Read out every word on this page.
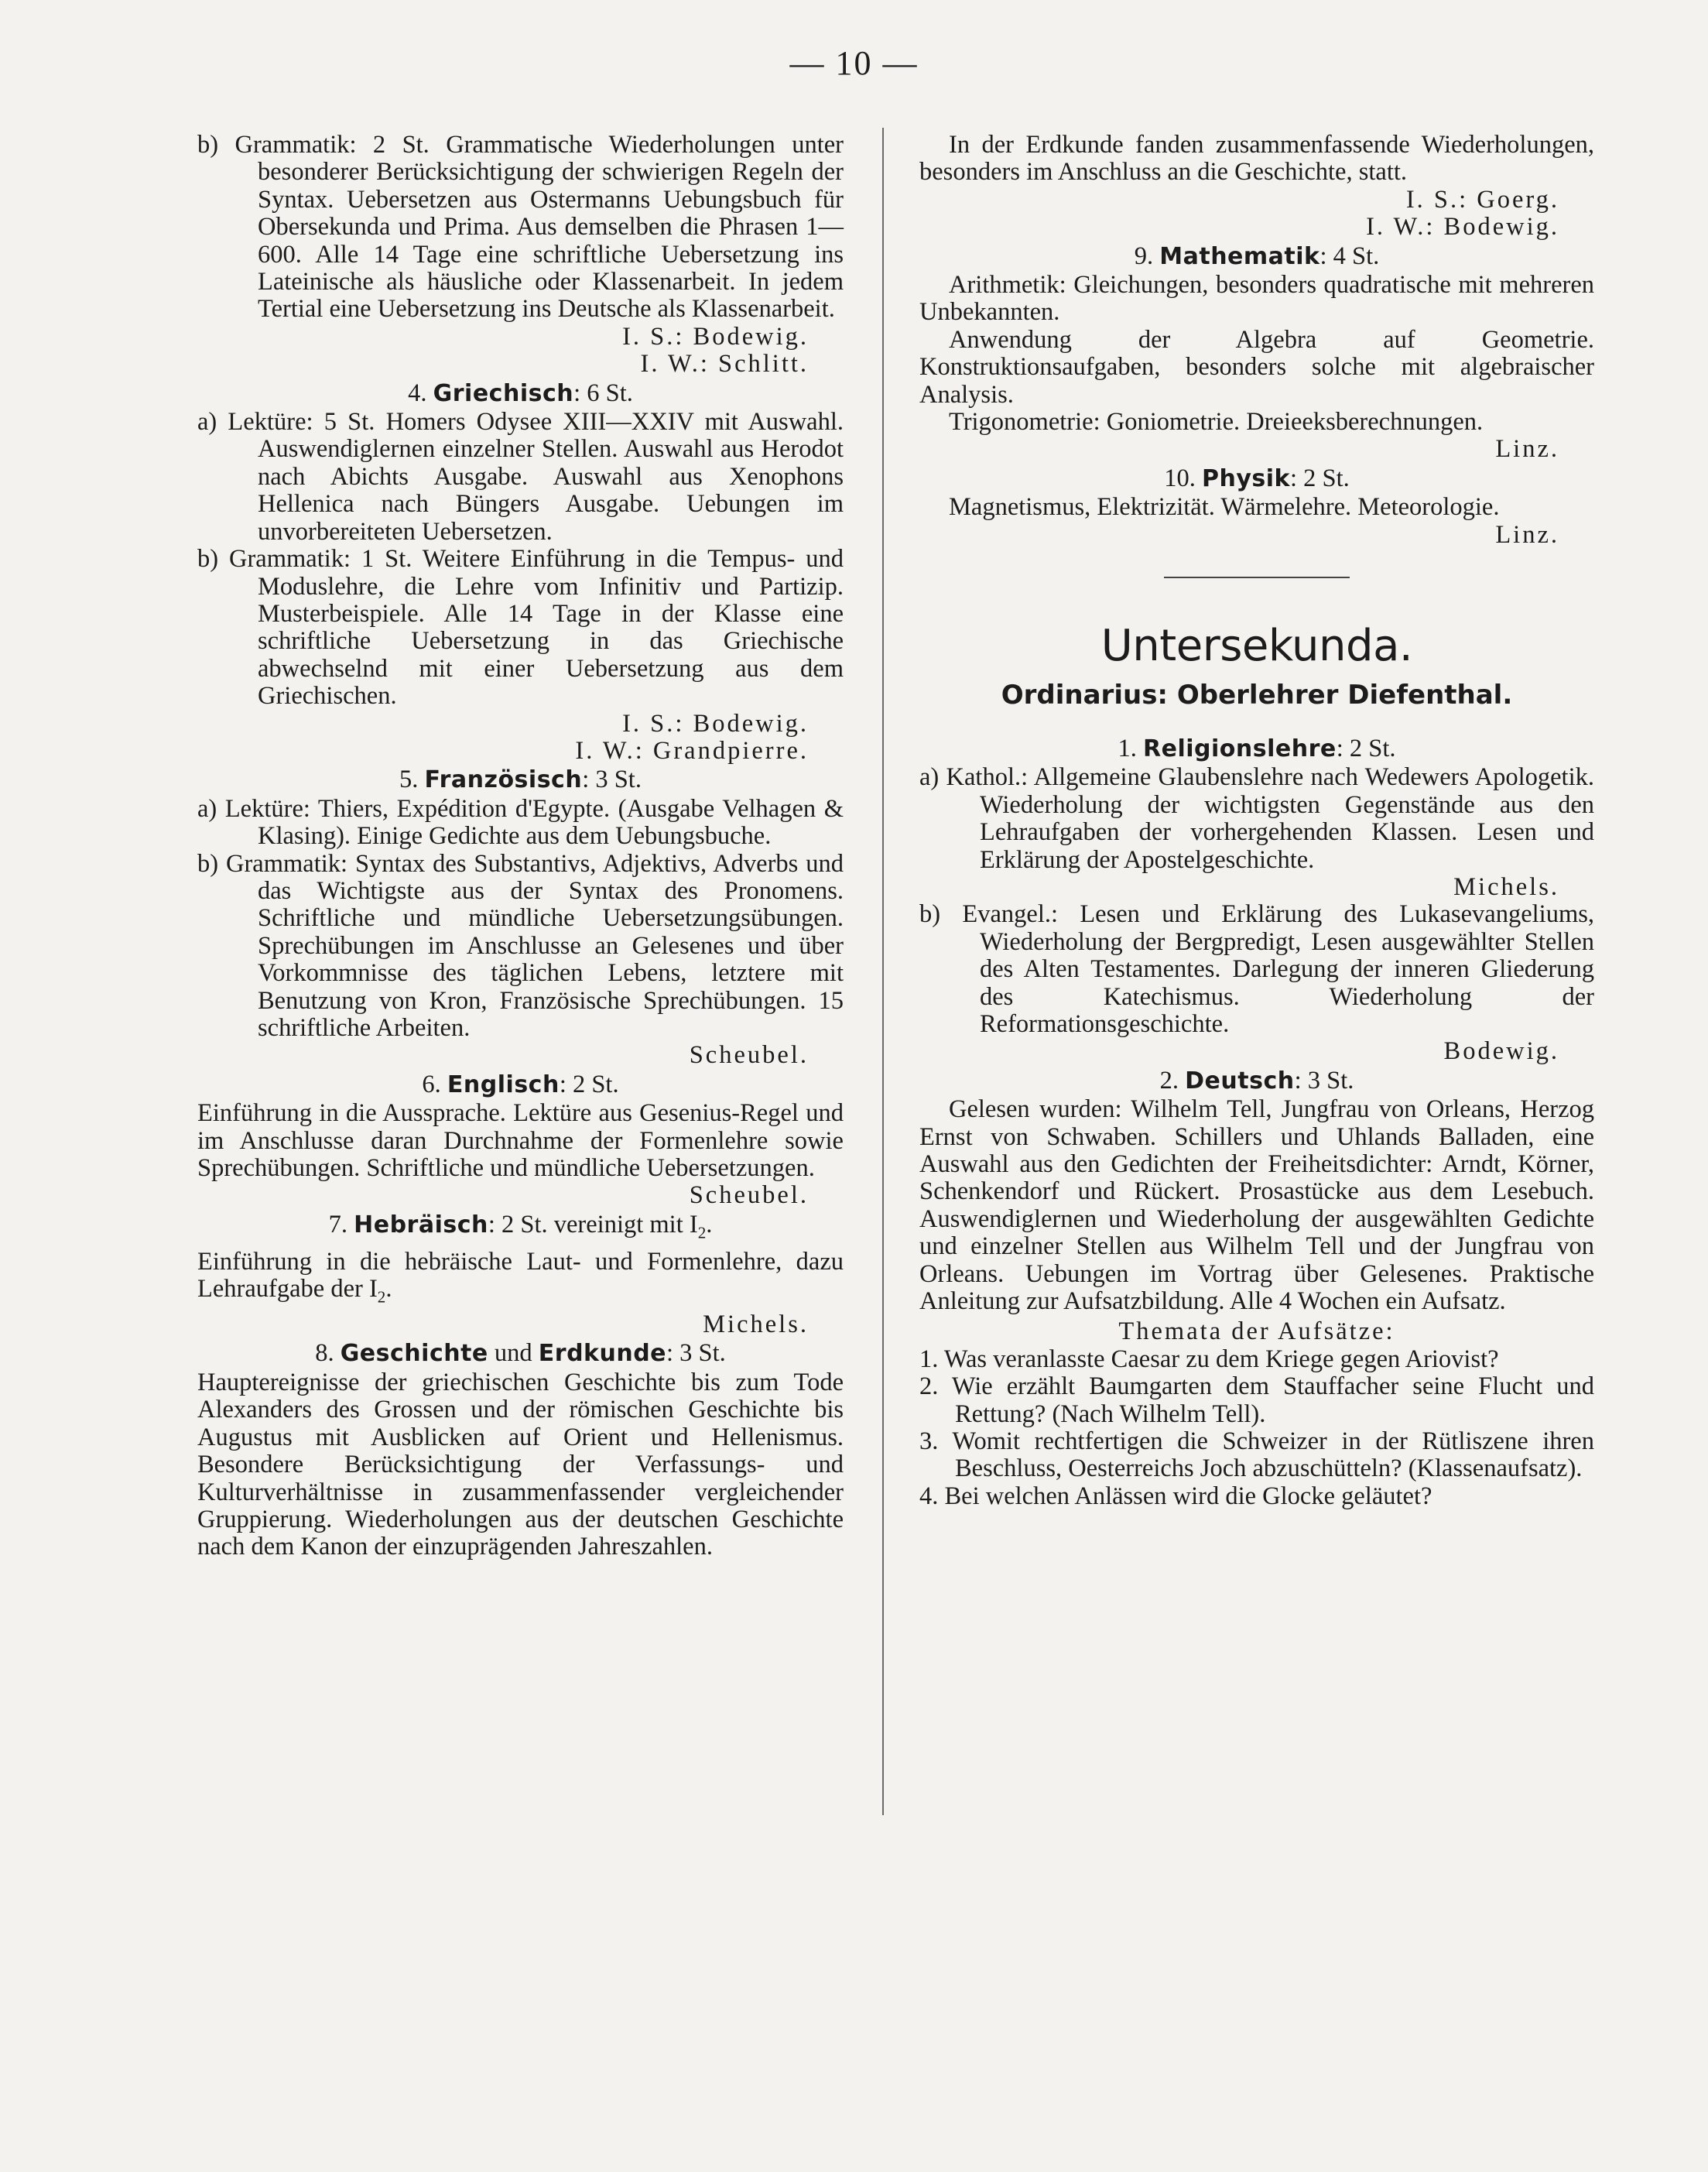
— 10 —

b) Grammatik: 2 St. Grammatische Wiederholungen unter besonderer Berücksichtigung der schwierigen Regeln der Syntax. Uebersetzen aus Ostermanns Uebungsbuch für Obersekunda und Prima. Aus demselben die Phrasen 1—600. Alle 14 Tage eine schriftliche Uebersetzung ins Lateinische als häusliche oder Klassenarbeit. In jedem Tertial eine Uebersetzung ins Deutsche als Klassenarbeit.

I. S.: Bodewig.
I. W.: Schlitt.
4. Griechisch: 6 St.

a) Lektüre: 5 St. Homers Odysee XIII—XXIV mit Auswahl. Auswendiglernen einzelner Stellen. Auswahl aus Herodot nach Abichts Ausgabe. Auswahl aus Xenophons Hellenica nach Büngers Ausgabe. Uebungen im unvorbereiteten Uebersetzen.

b) Grammatik: 1 St. Weitere Einführung in die Tempus- und Moduslehre, die Lehre vom Infinitiv und Partizip. Musterbeispiele. Alle 14 Tage in der Klasse eine schriftliche Uebersetzung in das Griechische abwechselnd mit einer Uebersetzung aus dem Griechischen.

I. S.: Bodewig.
I. W.: Grandpierre.
5. Französisch: 3 St.

a) Lektüre: Thiers, Expédition d'Egypte. (Ausgabe Velhagen & Klasing). Einige Gedichte aus dem Uebungsbuche.

b) Grammatik: Syntax des Substantivs, Adjektivs, Adverbs und das Wichtigste aus der Syntax des Pronomens. Schriftliche und mündliche Uebersetzungsübungen. Sprechübungen im Anschlusse an Gelesenes und über Vorkommnisse des täglichen Lebens, letztere mit Benutzung von Kron, Französische Sprechübungen. 15 schriftliche Arbeiten.

Scheubel.
6. Englisch: 2 St.

Einführung in die Aussprache. Lektüre aus Gesenius-Regel und im Anschlusse daran Durchnahme der Formenlehre sowie Sprechübungen. Schriftliche und mündliche Uebersetzungen.

Scheubel.
7. Hebräisch: 2 St. vereinigt mit $I_2$.

Einführung in die hebräische Laut- und Formenlehre, dazu Lehraufgabe der $I_2$.

Michels.
8. Geschichte und Erdkunde: 3 St.

Hauptereignisse der griechischen Geschichte bis zum Tode Alexanders des Grossen und der römischen Geschichte bis Augustus mit Ausblicken auf Orient und Hellenismus. Besondere Berücksichtigung der Verfassungs- und Kulturverhältnisse in zusammenfassender vergleichender Gruppierung. Wiederholungen aus der deutschen Geschichte nach dem Kanon der einzuprägenden Jahreszahlen.

In der Erdkunde fanden zusammenfassende Wiederholungen, besonders im Anschluss an die Geschichte, statt.

I. S.: Goerg.
I. W.: Bodewig.
9. Mathematik: 4 St.

Arithmetik: Gleichungen, besonders quadratische mit mehreren Unbekannten.

Anwendung der Algebra auf Geometrie. Konstruktionsaufgaben, besonders solche mit algebraischer Analysis.

Trigonometrie: Goniometrie. Dreieeksberechnungen.

Linz.
10. Physik: 2 St.

Magnetismus, Elektrizität. Wärmelehre. Meteorologie.

Linz.
Untersekunda.
Ordinarius: Oberlehrer Diefenthal.
1. Religionslehre: 2 St.

a) Kathol.: Allgemeine Glaubenslehre nach Wedewers Apologetik. Wiederholung der wichtigsten Gegenstände aus den Lehraufgaben der vorhergehenden Klassen. Lesen und Erklärung der Apostelgeschichte.

Michels.

b) Evangel.: Lesen und Erklärung des Lukasevangeliums, Wiederholung der Bergpredigt, Lesen ausgewählter Stellen des Alten Testamentes. Darlegung der inneren Gliederung des Katechismus. Wiederholung der Reformationsgeschichte.

Bodewig.
2. Deutsch: 3 St.

Gelesen wurden: Wilhelm Tell, Jungfrau von Orleans, Herzog Ernst von Schwaben. Schillers und Uhlands Balladen, eine Auswahl aus den Gedichten der Freiheitsdichter: Arndt, Körner, Schenkendorf und Rückert. Prosastücke aus dem Lesebuch. Auswendiglernen und Wiederholung der ausgewählten Gedichte und einzelner Stellen aus Wilhelm Tell und der Jungfrau von Orleans. Uebungen im Vortrag über Gelesenes. Praktische Anleitung zur Aufsatzbildung. Alle 4 Wochen ein Aufsatz.

Themata der Aufsätze:

1. Was veranlasste Caesar zu dem Kriege gegen Ariovist?

2. Wie erzählt Baumgarten dem Stauffacher seine Flucht und Rettung? (Nach Wilhelm Tell).

3. Womit rechtfertigen die Schweizer in der Rütliszene ihren Beschluss, Oesterreichs Joch abzuschütteln? (Klassenaufsatz).

4. Bei welchen Anlässen wird die Glocke geläutet?
